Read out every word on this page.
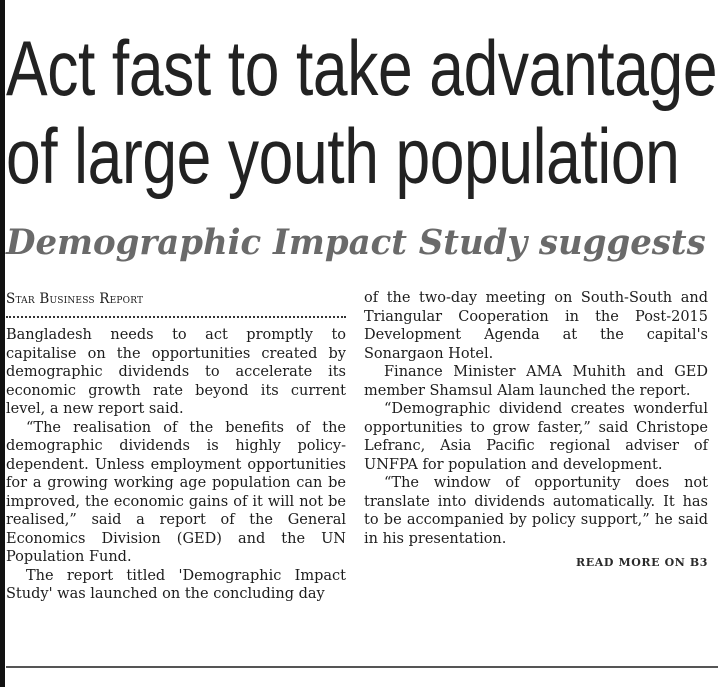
Act fast to take advantage
of large youth population
Demographic Impact Study suggests
Star Business Report

Bangladesh needs to act promptly to capitalise on the opportunities created by demographic dividends to accelerate its economic growth rate beyond its current level, a new report said.

“The realisation of the benefits of the demographic dividends is highly policy-dependent. Unless employment opportunities for a growing working age population can be improved, the economic gains of it will not be realised,” said a report of the General Economics Division (GED) and the UN Population Fund.

The report titled 'Demographic Impact Study' was launched on the concluding day

of the two-day meeting on South-South and Triangular Cooperation in the Post-2015 Development Agenda at the capital's Sonargaon Hotel.

Finance Minister AMA Muhith and GED member Shamsul Alam launched the report.

“Demographic dividend creates wonderful opportunities to grow faster,” said Christope Lefranc, Asia Pacific regional adviser of UNFPA for population and development.

“The window of opportunity does not translate into dividends automatically. It has to be accompanied by policy support,” he said in his presentation.

READ MORE ON B3
